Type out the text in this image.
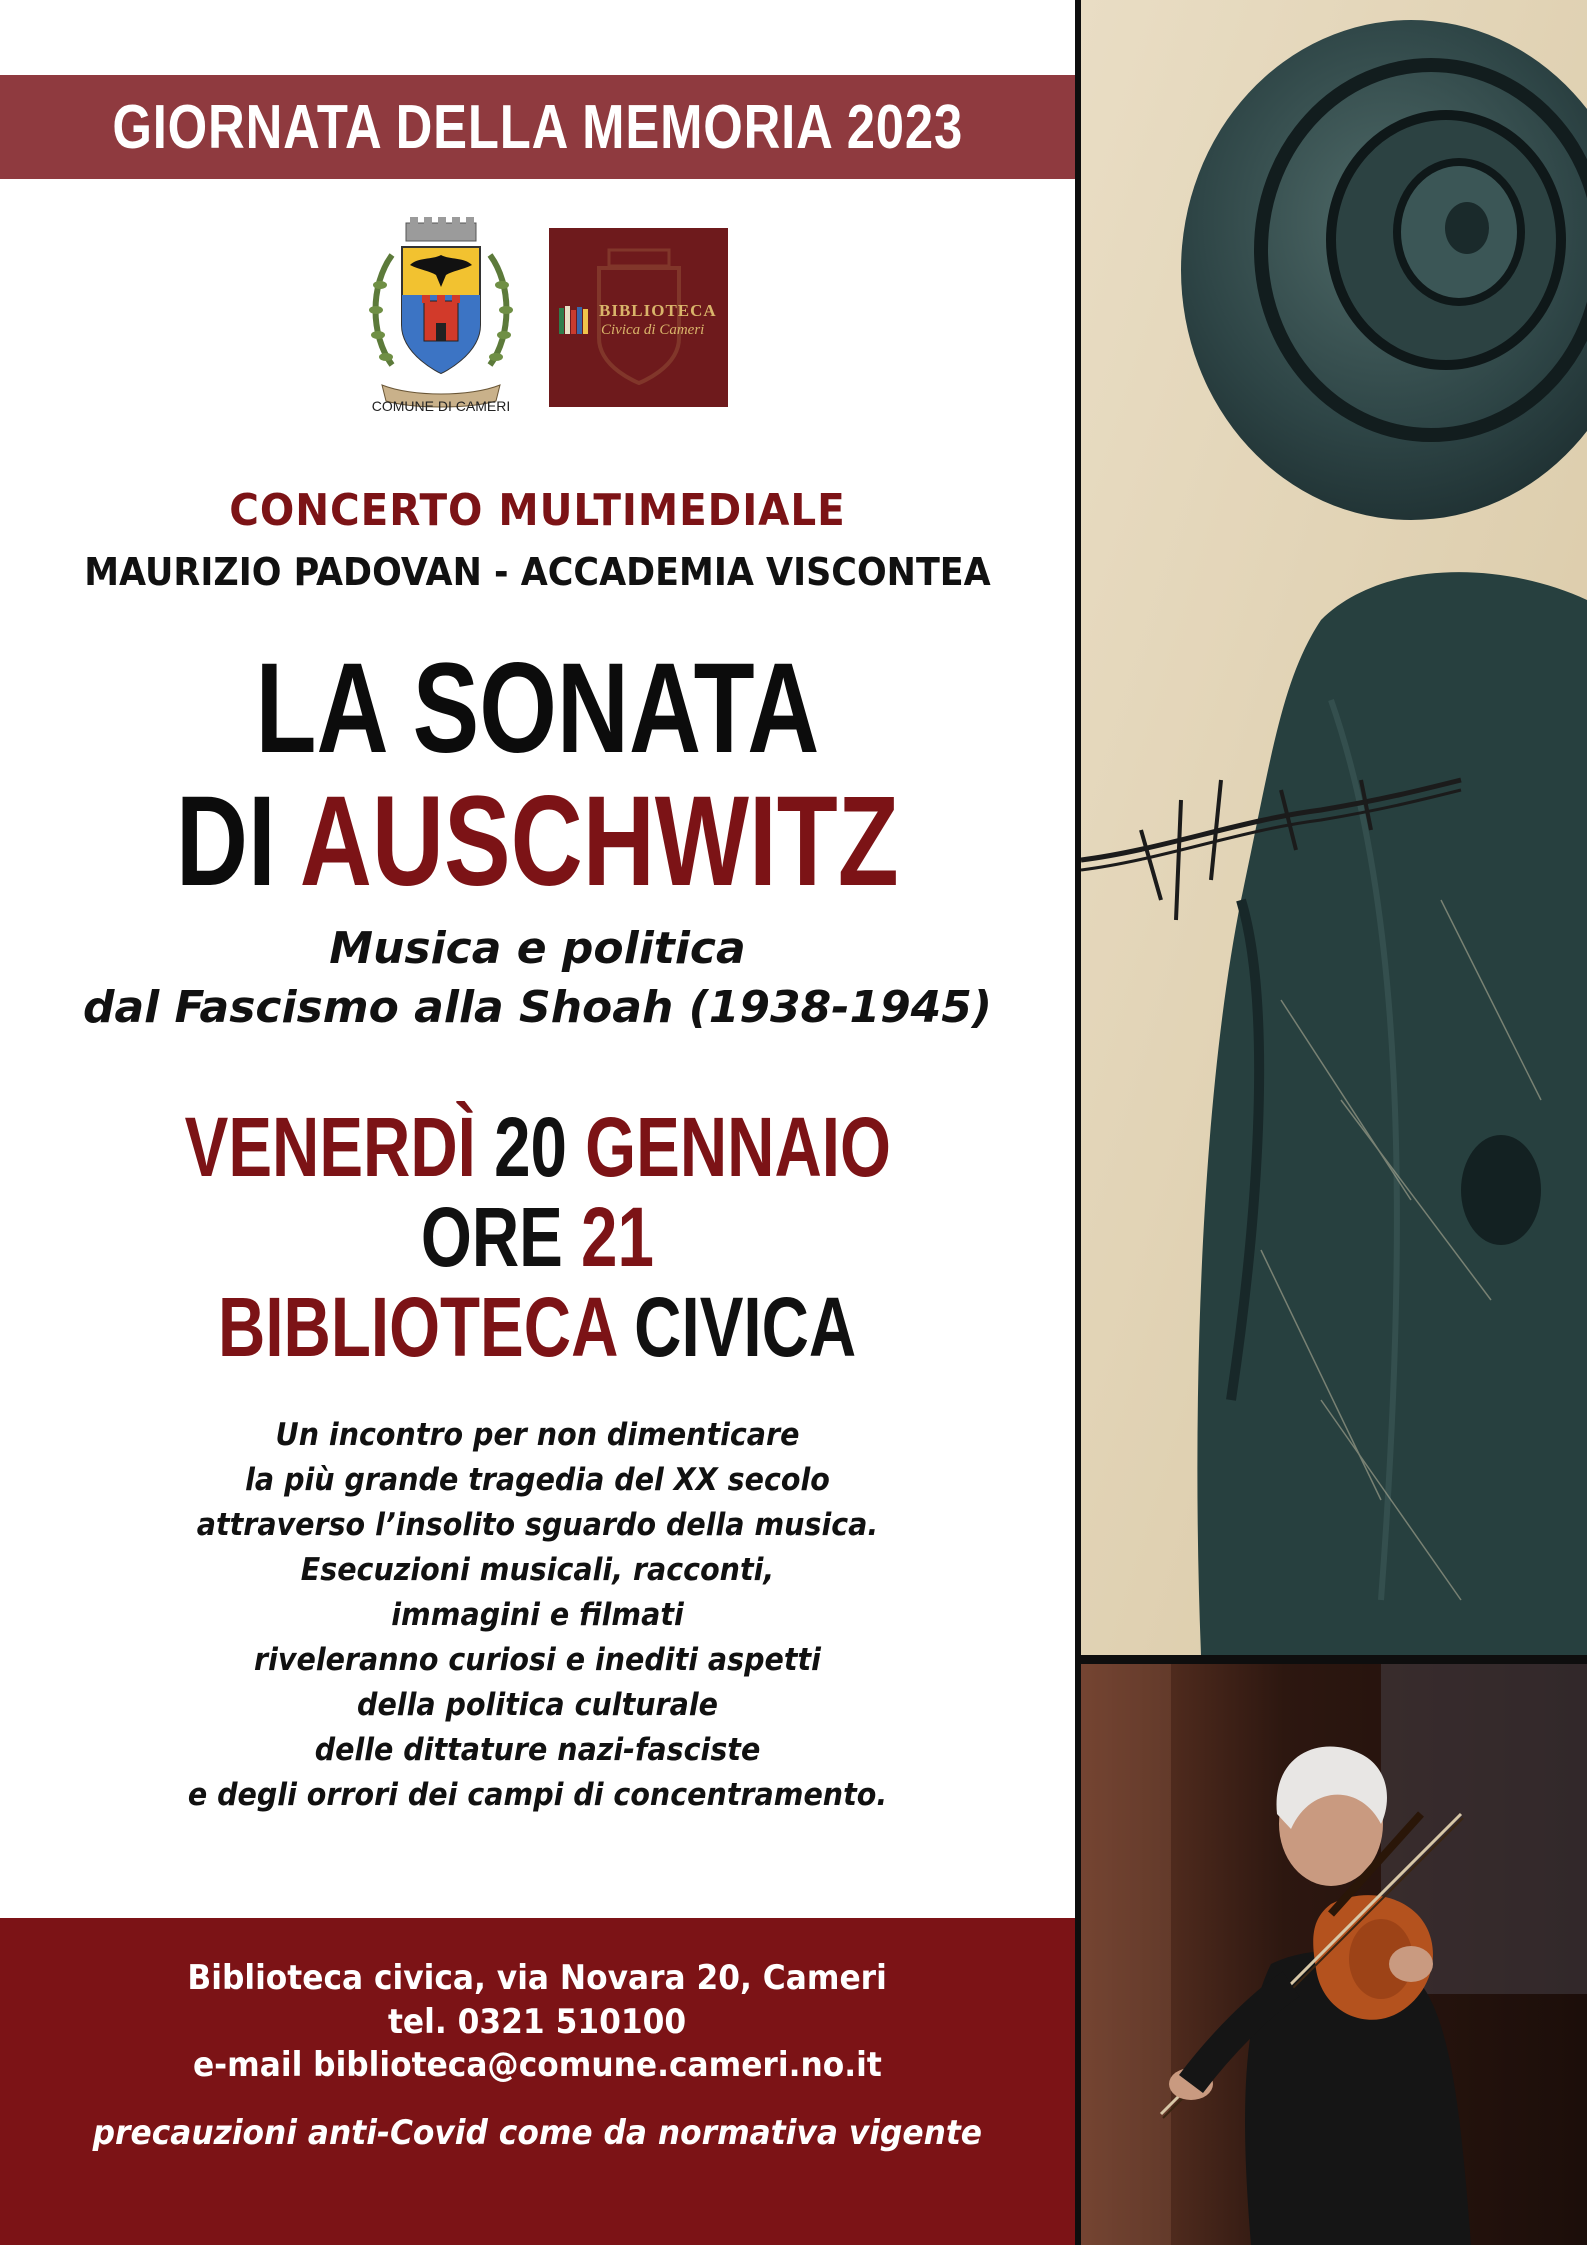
GIORNATA DELLA MEMORIA 2023
COMUNE DI CAMERI
BIBLIOTECA
Civica di Cameri
CONCERTO MULTIMEDIALE
MAURIZIO PADOVAN - ACCADEMIA VISCONTEA
LA SONATA
DI AUSCHWITZ
Musica e politica
dal Fascismo alla Shoah (1938-1945)
VENERDÌ 20 GENNAIO
ORE 21
BIBLIOTECA CIVICA
Un incontro per non dimenticare
la più grande tragedia del XX secolo
attraverso l’insolito sguardo della musica.
Esecuzioni musicali, racconti,
immagini e filmati
riveleranno curiosi e inediti aspetti
della politica culturale
delle dittature nazi-fasciste
e degli orrori dei campi di concentramento.
Biblioteca civica, via Novara 20, Cameri
tel. 0321 510100
e-mail biblioteca@comune.cameri.no.it
precauzioni anti-Covid come da normativa vigente
